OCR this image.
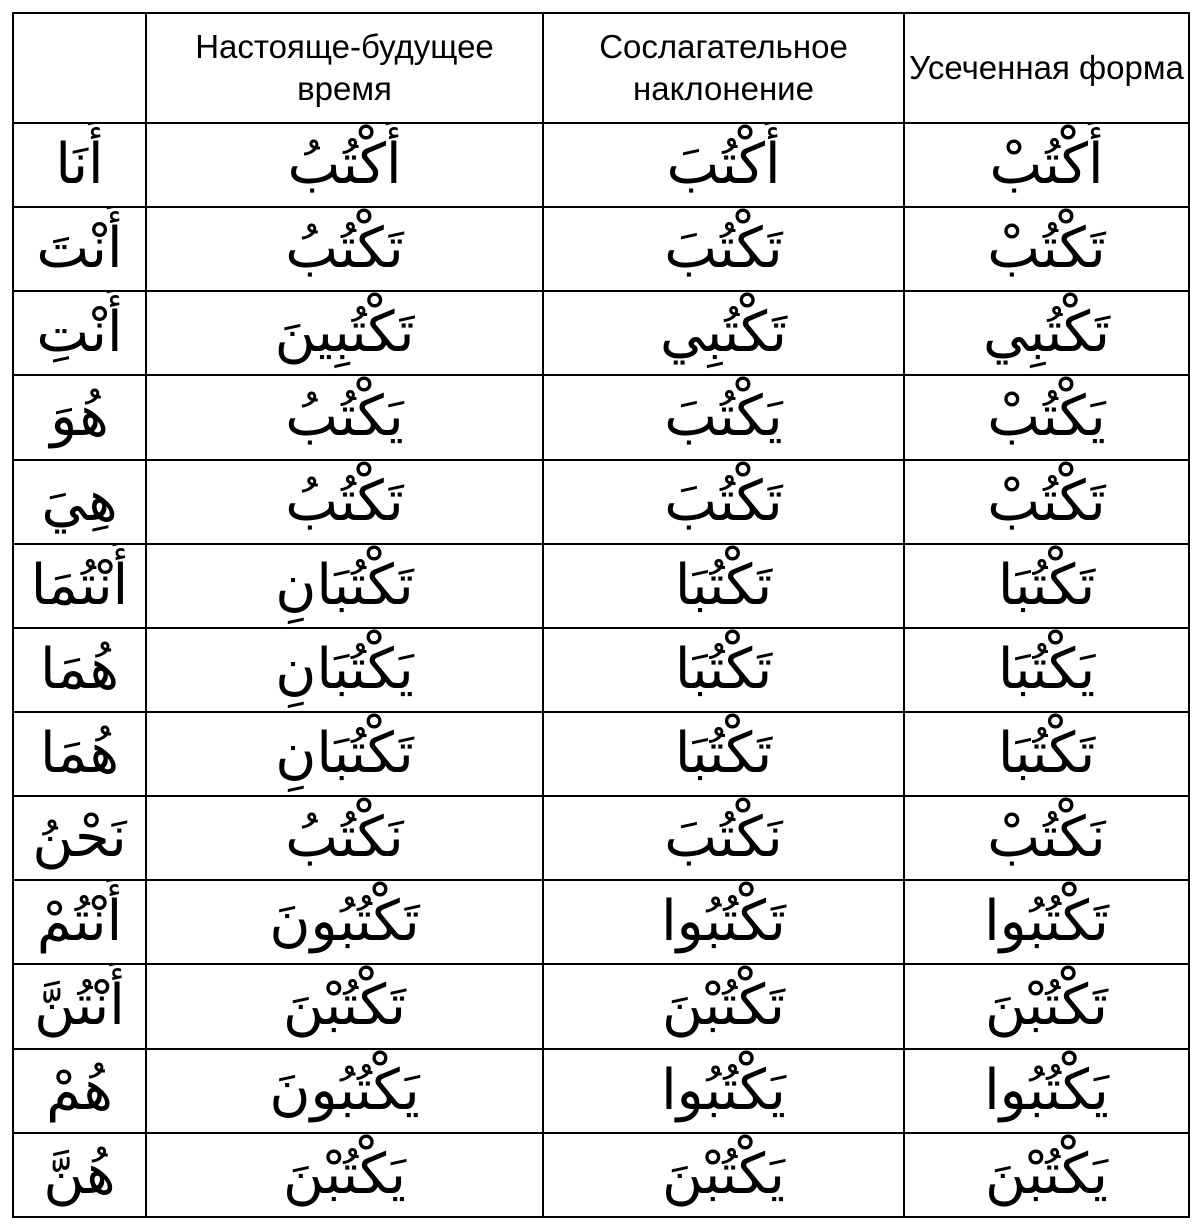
	Настояще-будущее время	Сослагательное наклонение	Усеченная форма
أَنَا	أَكْتُبُ	أَكْتُبَ	أَكْتُبْ
أَنْتَ	تَكْتُبُ	تَكْتُبَ	تَكْتُبْ
أَنْتِ	تَكْتُبِينَ	تَكْتُبِي	تَكْتُبِي
هُوَ	يَكْتُبُ	يَكْتُبَ	يَكْتُبْ
هِيَ	تَكْتُبُ	تَكْتُبَ	تَكْتُبْ
أَنْتُمَا	تَكْتُبَانِ	تَكْتُبَا	تَكْتُبَا
هُمَا	يَكْتُبَانِ	تَكْتُبَا	يَكْتُبَا
هُمَا	تَكْتُبَانِ	تَكْتُبَا	تَكْتُبَا
نَحْنُ	نَكْتُبُ	نَكْتُبَ	نَكْتُبْ
أَنْتُمْ	تَكْتُبُونَ	تَكْتُبُوا	تَكْتُبُوا
أَنْتُنَّ	تَكْتُبْنَ	تَكْتُبْنَ	تَكْتُبْنَ
هُمْ	يَكْتُبُونَ	يَكْتُبُوا	يَكْتُبُوا
هُنَّ	يَكْتُبْنَ	يَكْتُبْنَ	يَكْتُبْنَ
